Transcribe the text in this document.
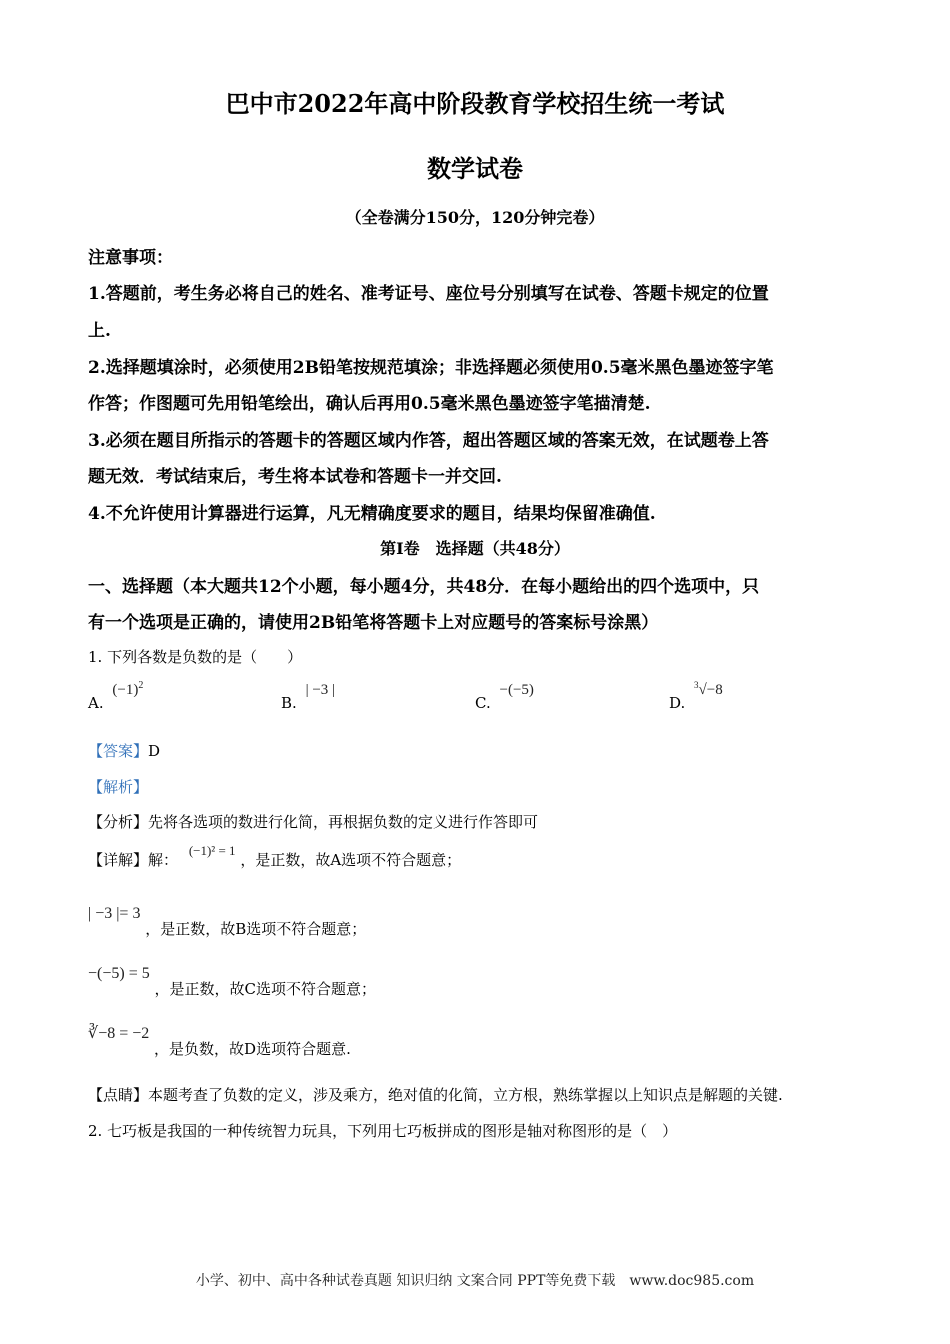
巴中市2022年高中阶段教育学校招生统一考试
数学试卷
（全卷满分150分，120分钟完卷）
注意事项：
1.答题前，考生务必将自己的姓名、准考证号、座位号分别填写在试卷、答题卡规定的位置
上.
2.选择题填涂时，必须使用2B铅笔按规范填涂；非选择题必须使用0.5毫米黑色墨迹签字笔
作答；作图题可先用铅笔绘出，确认后再用0.5毫米黑色墨迹签字笔描清楚.
3.必须在题目所指示的答题卡的答题区域内作答，超出答题区域的答案无效，在试题卷上答
题无效．考试结束后，考生将本试卷和答题卡一并交回.
4.不允许使用计算器进行运算，凡无精确度要求的题目，结果均保留准确值.
第Ⅰ卷　选择题（共48分）
一、选择题（本大题共12个小题，每小题4分，共48分．在每小题给出的四个选项中，只
有一个选项是正确的，请使用2B铅笔将答题卡上对应题号的答案标号涂黑）
1. 下列各数是负数的是（　　）
A. $(-1)^2$
B. | −3 |
C. −(−5)
D. $^3$√−8
【答案】D
【解析】
【分析】先将各选项的数进行化简，再根据负数的定义进行作答即可
【详解】解： (−1)² = 1 ，是正数，故A选项不符合题意；
| −3 |= 3 ，是正数，故B选项不符合题意；
−(−5) = 5 ，是正数，故C选项不符合题意；
∛−8 = −2 ，是负数，故D选项符合题意.
【点睛】本题考查了负数的定义，涉及乘方，绝对值的化简，立方根，熟练掌握以上知识点是解题的关键.
2. 七巧板是我国的一种传统智力玩具，下列用七巧板拼成的图形是轴对称图形的是（　）
小学、初中、高中各种试卷真题 知识归纳 文案合同 PPT等免费下载　www.doc985.com
